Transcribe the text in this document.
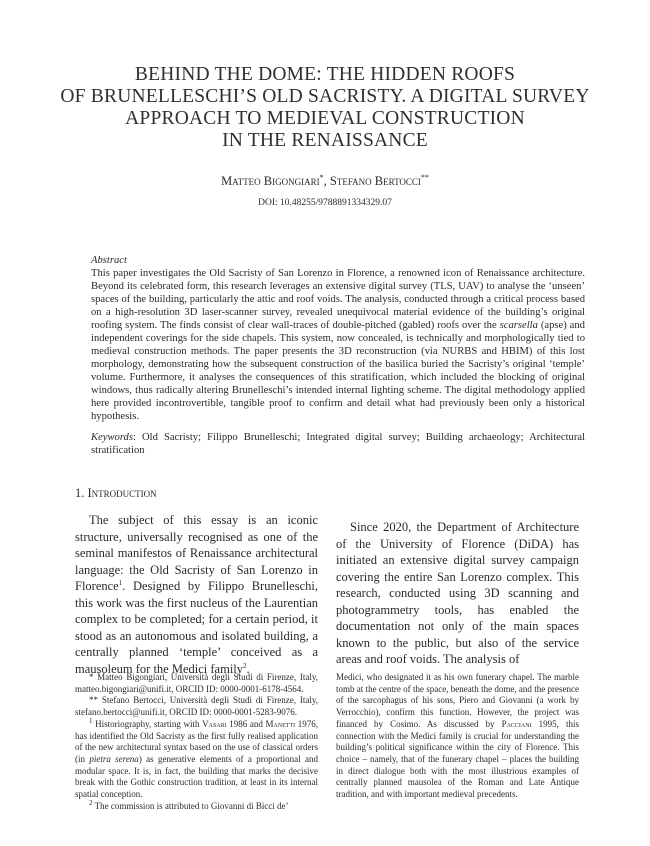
BEHIND THE DOME: THE HIDDEN ROOFS
OF BRUNELLESCHI’S OLD SACRISTY. A DIGITAL SURVEY
APPROACH TO MEDIEVAL CONSTRUCTION
IN THE RENAISSANCE
Matteo Bigongiari*, Stefano Bertocci**
DOI: 10.48255/9788891334329.07
Abstract

This paper investigates the Old Sacristy of San Lorenzo in Florence, a renowned icon of Renaissance architecture. Beyond its celebrated form, this research leverages an extensive digital survey (TLS, UAV) to analyse the ‘unseen’ spaces of the building, particularly the attic and roof voids. The analysis, conducted through a critical process based on a high-resolution 3D laser-scanner survey, revealed unequivocal material evidence of the building’s original roofing system. The finds consist of clear wall-traces of double-pitched (gabled) roofs over the scarsella (apse) and independent coverings for the side chapels. This system, now concealed, is technically and morphologically tied to medieval construction methods. The paper presents the 3D reconstruction (via NURBS and HBIM) of this lost morphology, demonstrating how the subsequent construction of the basilica buried the Sacristy’s original ‘temple’ volume. Furthermore, it analyses the consequences of this stratification, which included the blocking of original windows, thus radically altering Brunelleschi’s intended internal lighting scheme. The digital methodology applied here provided incontrovertible, tangible proof to confirm and detail what had previously been only a historical hypothesis.

Keywords: Old Sacristy; Filippo Brunelleschi; Integrated digital survey; Building archaeology; Architectural stratification
1. Introduction

The subject of this essay is an iconic structure, universally recognised as one of the seminal manifestos of Renaissance architectural language: the Old Sacristy of San Lorenzo in Florence$^1$. Designed by Filippo Brunelleschi, this work was the first nucleus of the Laurentian complex to be completed; for a certain period, it stood as an autonomous and isolated building, a centrally planned ‘temple’ conceived as a mausoleum for the Medici family$^2$.

Since 2020, the Department of Architecture of the University of Florence (DiDA) has initiated an extensive digital survey campaign covering the entire San Lorenzo complex. This research, conducted using 3D scanning and photogrammetry tools, has enabled the documentation not only of the main spaces known to the public, but also of the service areas and roof voids. The analysis of

* Matteo Bigongiari, Università degli Studi di Firenze, Italy, matteo.bigongiari@unifi.it, ORCID ID: 0000-0001-6178-4564.

** Stefano Bertocci, Università degli Studi di Firenze, Italy, stefano.bertocci@unifi.it, ORCID ID: 0000-0001-5283-9076.

$^1$ Historiography, starting with Vasari 1986 and Manetti 1976, has identified the Old Sacristy as the first fully realised application of the new architectural syntax based on the use of classical orders (in pietra serena) as generative elements of a proportional and modular space. It is, in fact, the building that marks the decisive break with the Gothic construction tradition, at least in its internal spatial conception.

$^2$ The commission is attributed to Giovanni di Bicci de’

Medici, who designated it as his own funerary chapel. The marble tomb at the centre of the space, beneath the dome, and the presence of the sarcophagus of his sons, Piero and Giovanni (a work by Verrocchio), confirm this function. However, the project was financed by Cosimo. As discussed by Pacciani 1995, this connection with the Medici family is crucial for understanding the building’s political significance within the city of Florence. This choice – namely, that of the funerary chapel – places the building in direct dialogue both with the most illustrious examples of centrally planned mausolea of the Roman and Late Antique tradition, and with important medieval precedents.
